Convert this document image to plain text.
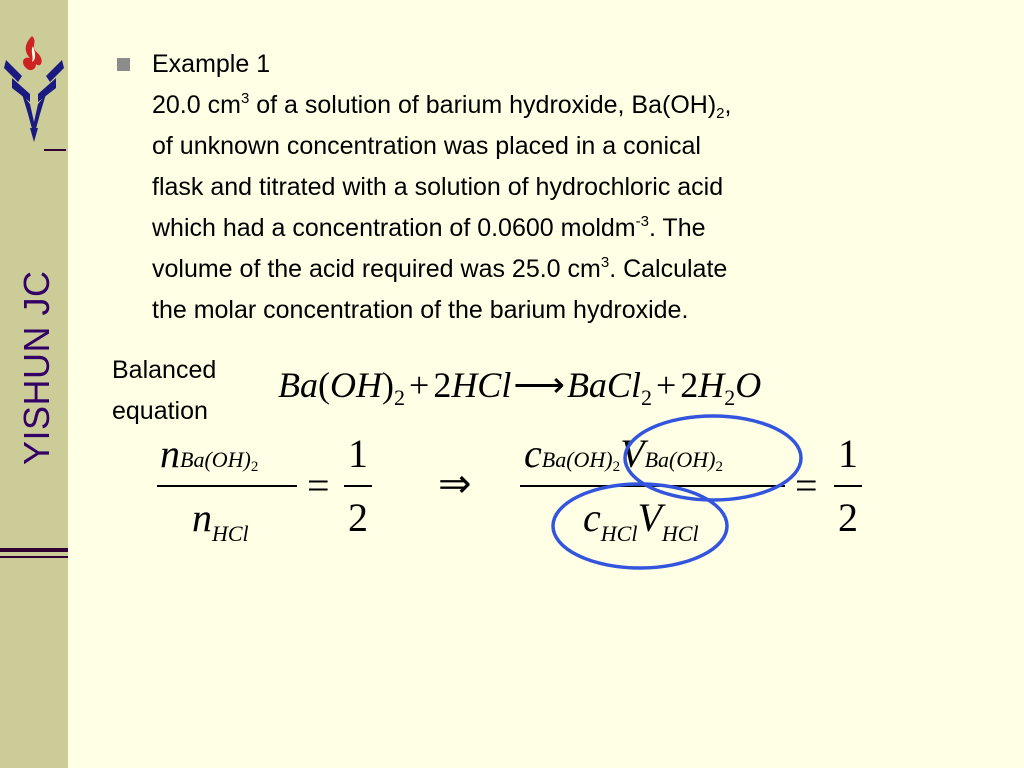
YISHUN JC
Example 1
20.0 $cm^3$ of a solution of barium hydroxide, $Ba(OH)_2$,
of unknown concentration was placed in a conical
flask and titrated with a solution of hydrochloric acid
which had a concentration of 0.0600 moldm$^{-3}$. The
volume of the acid required was 25.0 $cm^3$. Calculate
the molar concentration of the barium hydroxide.
Balanced
equation
$Ba(OH)_2$ + 2HCl⟶BaCl$_2$ + $2H_2O$
$nBa(OH)_2$
$n_{HCl}$
=
1
2
⇒
$cBa(OH)_2VBa(OH)_2$
$c_{HCl}V_{HCl}$
=
1
2
